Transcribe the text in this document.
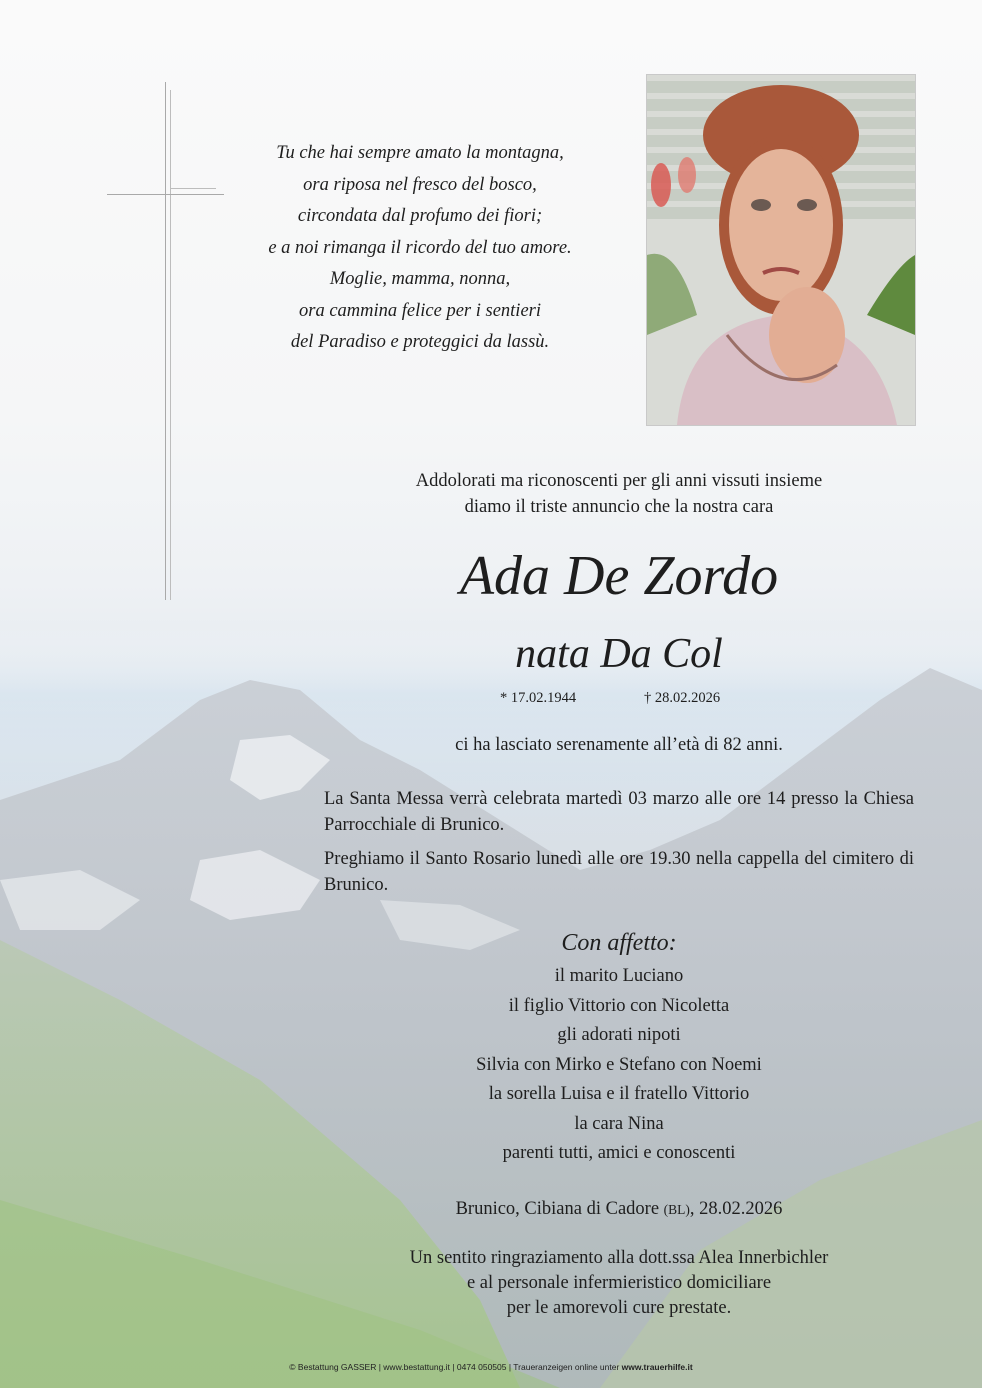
Tu che hai sempre amato la montagna,
ora riposa nel fresco del bosco,
circondata dal profumo dei fiori;
e a noi rimanga il ricordo del tuo amore.
Moglie, mamma, nonna,
ora cammina felice per i sentieri
del Paradiso e proteggici da lassù.
Addolorati ma riconoscenti per gli anni vissuti insieme
diamo il triste annuncio che la nostra cara
Ada De Zordo
nata Da Col
* 17.02.1944	† 28.02.2026
ci ha lasciato serenamente all’età di 82 anni.
La Santa Messa verrà celebrata martedì 03 marzo alle ore 14 presso la Chiesa Parrocchiale di Brunico.
Preghiamo il Santo Rosario lunedì alle ore 19.30 nella cappella del cimitero di Brunico.
Con affetto:
il marito Luciano
il figlio Vittorio con Nicoletta
gli adorati nipoti
Silvia con Mirko e Stefano con Noemi
la sorella Luisa e il fratello Vittorio
la cara Nina
parenti tutti, amici e conoscenti
Brunico, Cibiana di Cadore (BL), 28.02.2026
Un sentito ringraziamento alla dott.ssa Alea Innerbichler
e al personale infermieristico domiciliare
per le amorevoli cure prestate.
© Bestattung GASSER | www.bestattung.it | 0474 050505 | Traueranzeigen online unter www.trauerhilfe.it
